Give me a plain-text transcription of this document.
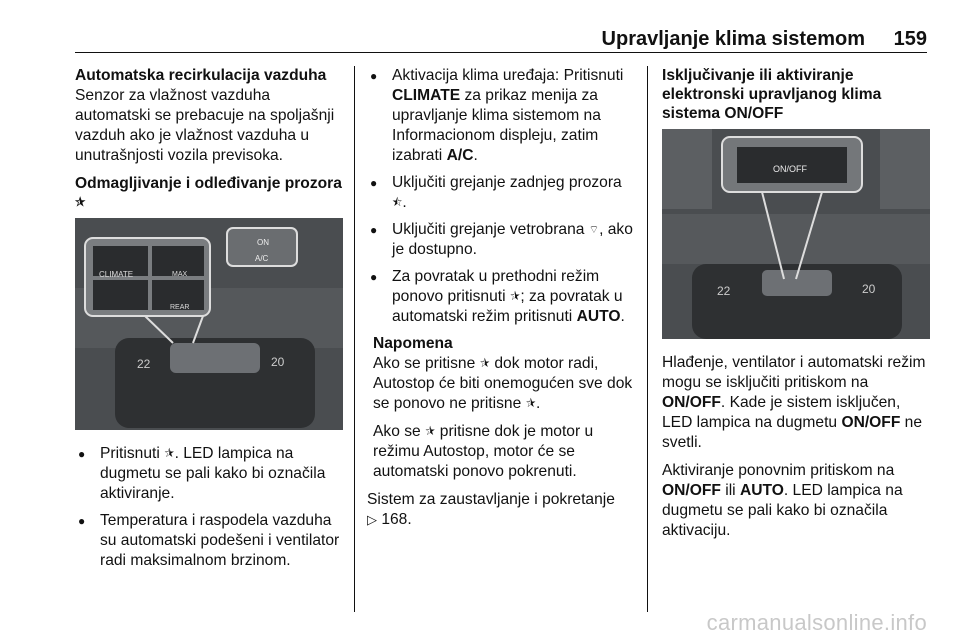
Upravljanje klima sistemom 159
Automatska recirkulacija vazduha

Senzor za vlažnost vazduha automatski se prebacuje na spoljašnji vazduh ako je vlažnost vazduha u unutrašnjosti vozila previsoka.

Odmagljivanje i odleđivanje prozora ⯫
CLIMATE	MAX
REAR
ON
A/C
22	20
● Pritisnuti ⯫. LED lampica na dugmetu se pali kako bi označila aktiviranje.
● Temperatura i raspodela vazduha su automatski podešeni i ventilator radi maksimalnom brzinom.
● Aktivacija klima uređaja: Pritisnuti CLIMATE za prikaz menija za upravljanje klima sistemom na Informacionom displeju, zatim izabrati A/C.
● Uključiti grejanje zadnjeg prozora ⯪.
● Uključiti grejanje vetrobrana ⌔, ako je dostupno.
● Za povratak u prethodni režim ponovo pritisnuti ⯫; za povratak u automatski režim pritisnuti AUTO.

Napomena

Ako se pritisne ⯫ dok motor radi, Autostop će biti onemogućen sve dok se ponovo ne pritisne ⯫.

Ako se ⯫ pritisne dok je motor u režimu Autostop, motor će se automatski ponovo pokrenuti.

Sistem za zaustavljanje i pokretanje
▷ 168.

Isključivanje ili aktiviranje elektronski upravljanog klima sistema ON/OFF
ON/OFF
22	20

Hlađenje, ventilator i automatski režim mogu se isključiti pritiskom na ON/OFF. Kade je sistem isključen, LED lampica na dugmetu ON/OFF ne svetli.

Aktiviranje ponovnim pritiskom na ON/OFF ili AUTO. LED lampica na dugmetu se pali kako bi označila aktivaciju.

carmanualsonline.info
